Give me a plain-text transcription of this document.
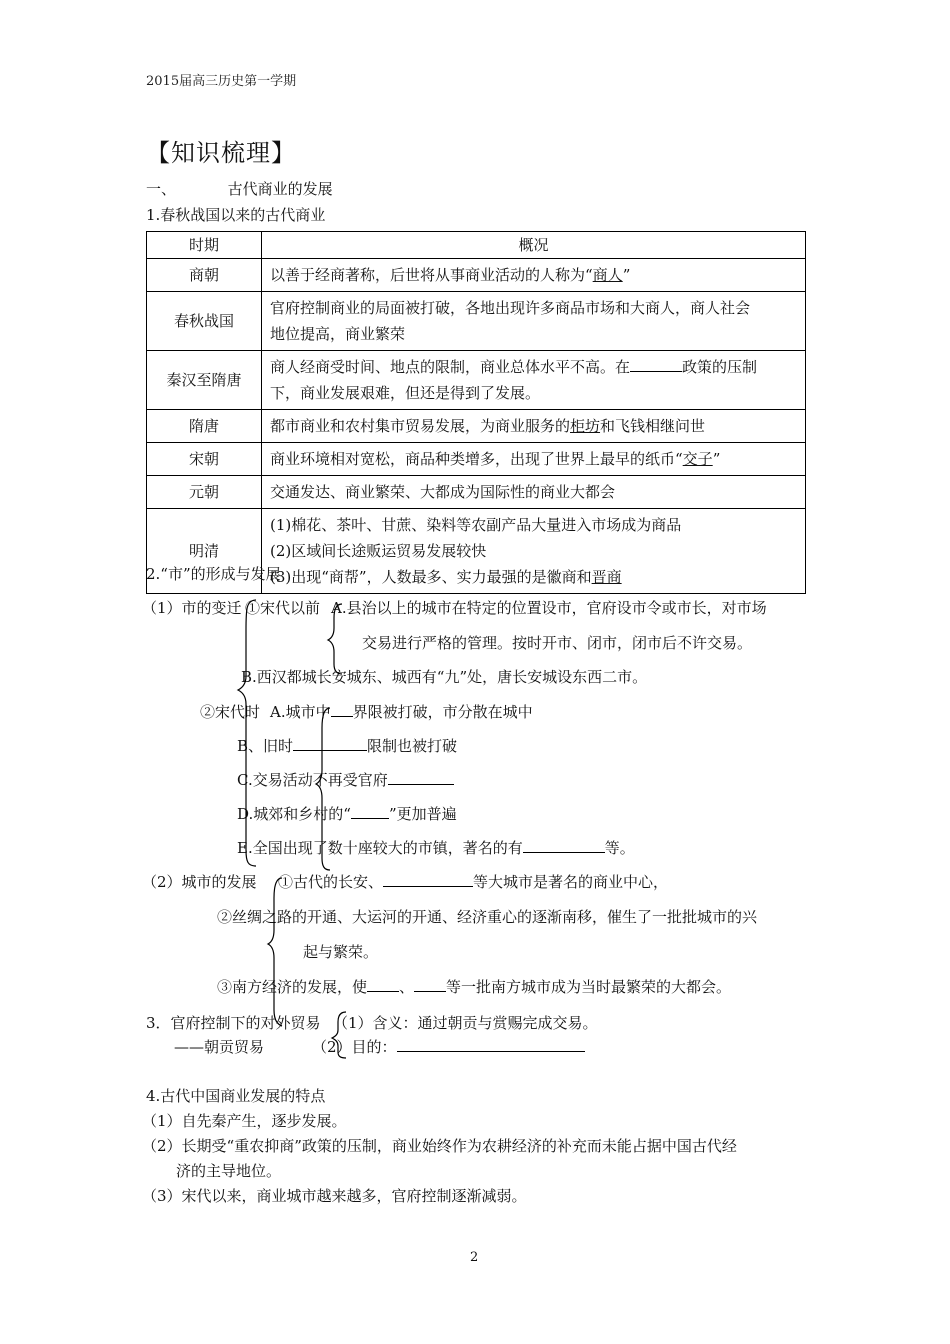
2015届高三历史第一学期
【知识梳理】
一、	古代商业的发展
1.春秋战国以来的古代商业
时期	概况
商朝	以善于经商著称，后世将从事商业活动的人称为“商人”
春秋战国	官府控制商业的局面被打破，各地出现许多商品市场和大商人，商人社会
地位提高，商业繁荣

秦汉至隋唐	商人经商受时间、地点的限制，商业总体水平不高。在 政策的压制
下，商业发展艰难，但还是得到了发展。

隋唐	都市商业和农村集市贸易发展，为商业服务的柜坊和飞钱相继问世
宋朝	商业环境相对宽松，商品种类增多，出现了世界上最早的纸币“交子”
元朝	交通发达、商业繁荣、大都成为国际性的商业大都会
明清	(1)棉花、茶叶、甘蔗、染料等农副产品大量进入市场成为商品
(2)区域间长途贩运贸易发展较快
(3)出现“商帮”，人数最多、实力最强的是徽商和晋商
2.“市”的形成与发展
（1）市的变迁 ①宋代以前 A.县治以上的城市在特定的位置设市，官府设市令或市长，对市场
交易进行严格的管理。按时开市、闭市，闭市后不许交易。
B.西汉都城长安城东、城西有“九”处，唐长安城设东西二市。
②宋代时 A.城市中 界限被打破，市分散在城中
B、旧时	限制也被打破
C.交易活动不再受官府
D.城郊和乡村的“	”更加普遍
E.全国出现了数十座较大的市镇，著名的有	等。
（2）城市的发展 ①古代的长安、	等大城市是著名的商业中心，
②丝绸之路的开通、大运河的开通、经济重心的逐渐南移，催生了一批批城市的兴
起与繁荣。
③南方经济的发展，使 、 等一批南方城市成为当时最繁荣的大都会。
3．官府控制下的对外贸易
——朝贡贸易
（1）含义：通过朝贡与赏赐完成交易。
（2）目的：
4.古代中国商业发展的特点
（1）自先秦产生，逐步发展。
（2）长期受“重农抑商”政策的压制，商业始终作为农耕经济的补充而未能占据中国古代经
济的主导地位。
（3）宋代以来，商业城市越来越多，官府控制逐渐减弱。
2
